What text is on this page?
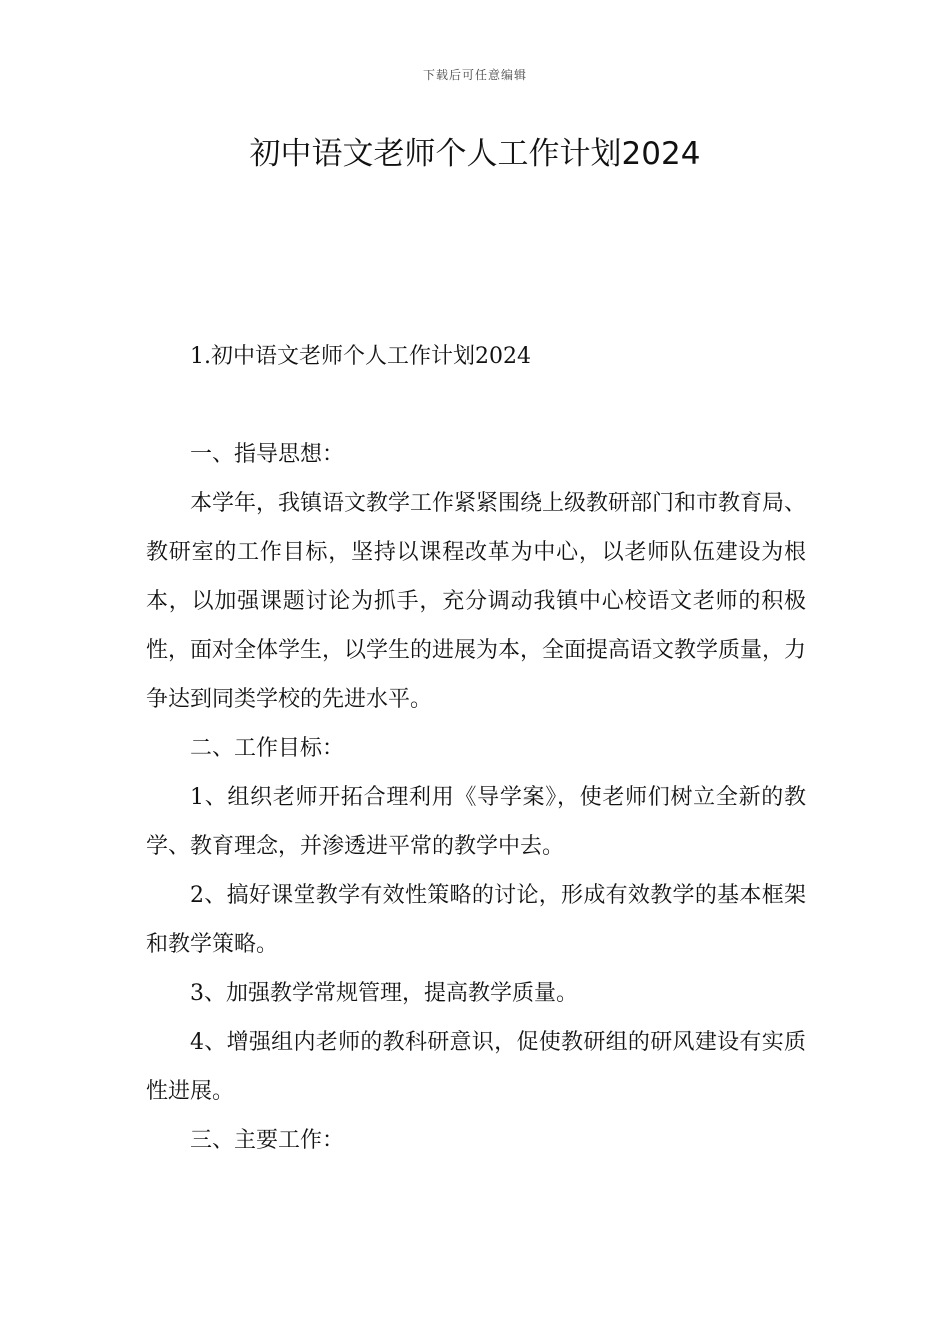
下载后可任意编辑
初中语文老师个人工作计划2024

1.初中语文老师个人工作计划2024

一、指导思想：

本学年，我镇语文教学工作紧紧围绕上级教研部门和市教育局、教研室的工作目标，坚持以课程改革为中心，以老师队伍建设为根本，以加强课题讨论为抓手，充分调动我镇中心校语文老师的积极性，面对全体学生，以学生的进展为本，全面提高语文教学质量，力争达到同类学校的先进水平。

二、工作目标：

1、组织老师开拓合理利用《导学案》，使老师们树立全新的教学、教育理念，并渗透进平常的教学中去。

2、搞好课堂教学有效性策略的讨论，形成有效教学的基本框架和教学策略。

3、加强教学常规管理，提高教学质量。

4、增强组内老师的教科研意识，促使教研组的研风建设有实质性进展。

三、主要工作：
